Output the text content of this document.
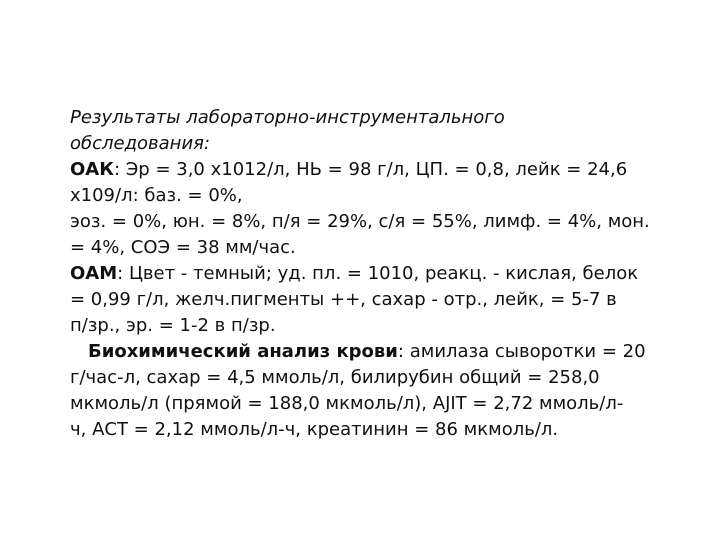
Результаты лабораторно-инструментального
обследования:
ОАК: Эр = 3,0 х1012/л, НЬ = 98 г/л, ЦП. = 0,8, лейк = 24,6
х109/л: баз. = 0%,
эоз. = 0%, юн. = 8%, п/я = 29%, с/я = 55%, лимф. = 4%, мон.
= 4%, СОЭ = 38 мм/час.
ОАМ: Цвет - темный; уд. пл. = 1010, реакц. - кислая, белок
= 0,99 г/л, желч.пигменты ++, сахар - отр., лейк, = 5-7 в
п/зр., эр. = 1-2 в п/зр.
Биохимический анализ крови: амилаза сыворотки = 20
г/час-л, сахар = 4,5 ммоль/л, билирубин общий = 258,0
мкмоль/л (прямой = 188,0 мкмоль/л), AJIT = 2,72 ммоль/л-
ч, АСТ = 2,12 ммоль/л-ч, креатинин = 86 мкмоль/л.
